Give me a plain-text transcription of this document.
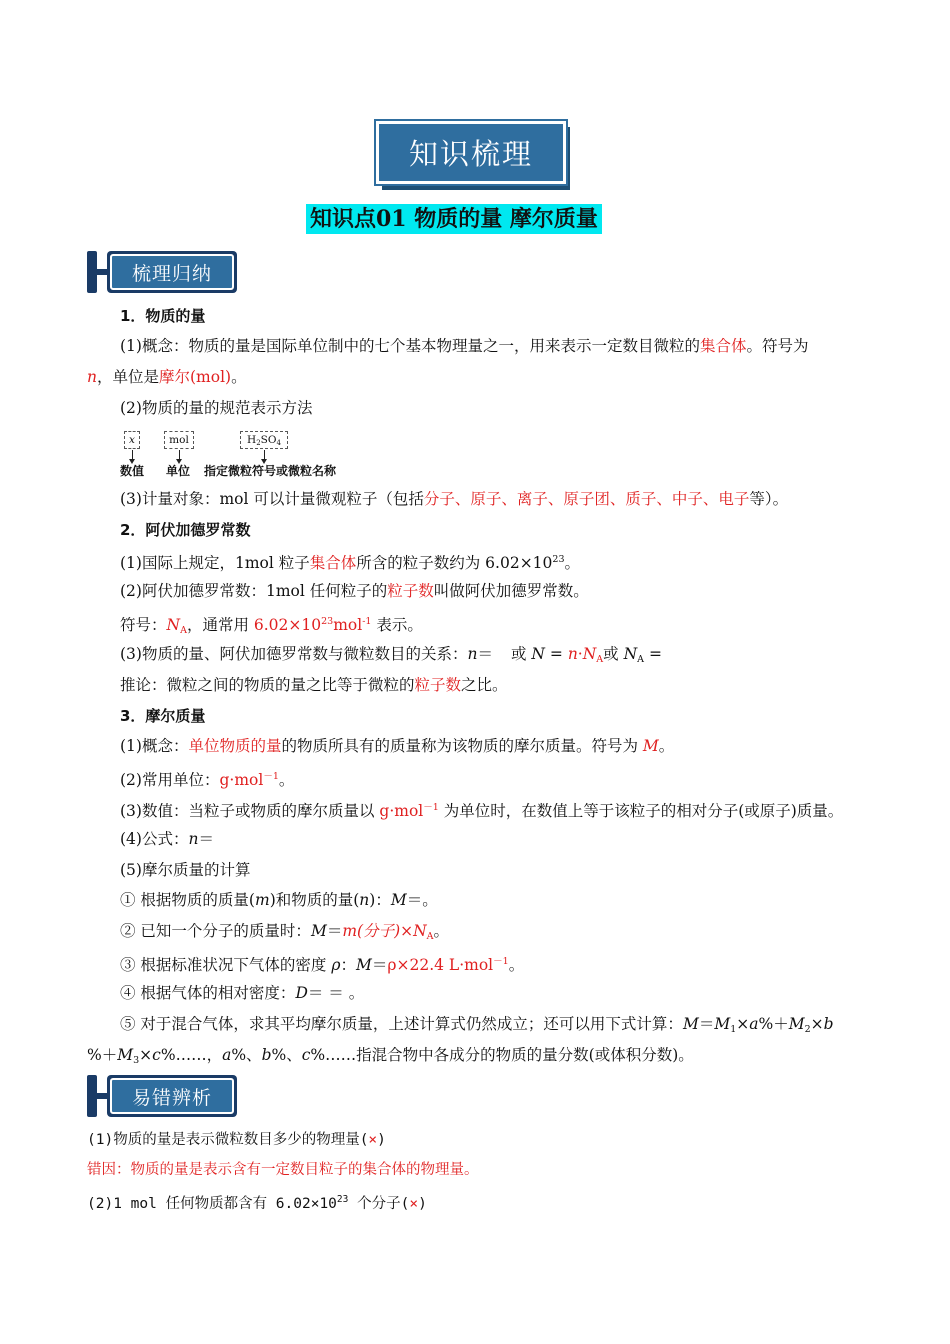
知识梳理
知识点01 物质的量 摩尔质量
梳理归纳
1．物质的量
(1)概念：物质的量是国际单位制中的七个基本物理量之一，用来表示一定数目微粒的集合体。符号为
n，单位是摩尔(mol)。
(2)物质的量的规范表示方法
x	mol	$H_2SO_4$
数值 单位 指定微粒符号或微粒名称
(3)计量对象：mol 可以计量微观粒子（包括分子、原子、离子、原子团、质子、中子、电子等）。
2．阿伏加德罗常数
(1)国际上规定，1mol 粒子集合体所含的粒子数约为 $6.02\times 10^{23}$。
(2)阿伏加德罗常数：1mol 任何粒子的粒子数叫做阿伏加德罗常数。
符号：$N_A$，通常用 $6.02\times 10^{23}mol^{-1}$ 表示。
(3)物质的量、阿伏加德罗常数与微粒数目的关系：n＝ 或 $N = n\cdot N_A$或 $N_A$ =
推论：微粒之间的物质的量之比等于微粒的粒子数之比。
3．摩尔质量
(1)概念：单位物质的量的物质所具有的质量称为该物质的摩尔质量。符号为 M。
(2)常用单位：g·mol$^{-1}$。
(3)数值：当粒子或物质的摩尔质量以 g·mol$^{-1}$ 为单位时，在数值上等于该粒子的相对分子(或原子)质量。
(4)公式：n＝
(5)摩尔质量的计算
① 根据物质的质量(m)和物质的量(n)：M＝。
② 已知一个分子的质量时：M＝m(分子)$\times N_A$。
③ 根据标准状况下气体的密度 ρ：M＝ρ×22.4 L·mol$^{-1}$。
④ 根据气体的相对密度：D＝ ＝ 。
⑤ 对于混合气体，求其平均摩尔质量，上述计算式仍然成立；还可以用下式计算：$M=M_1\times a\%+M_2\times b$
$\%+M_3\times c\%\dots\dots$，a%、b%、c%……指混合物中各成分的物质的量分数(或体积分数)。
易错辨析
(1)物质的量是表示微粒数目多少的物理量(×)
错因：物质的量是表示含有一定数目粒子的集合体的物理量。
(2)1 mol 任何物质都含有 $6.02\times 10^{23}$ 个分子(×)
